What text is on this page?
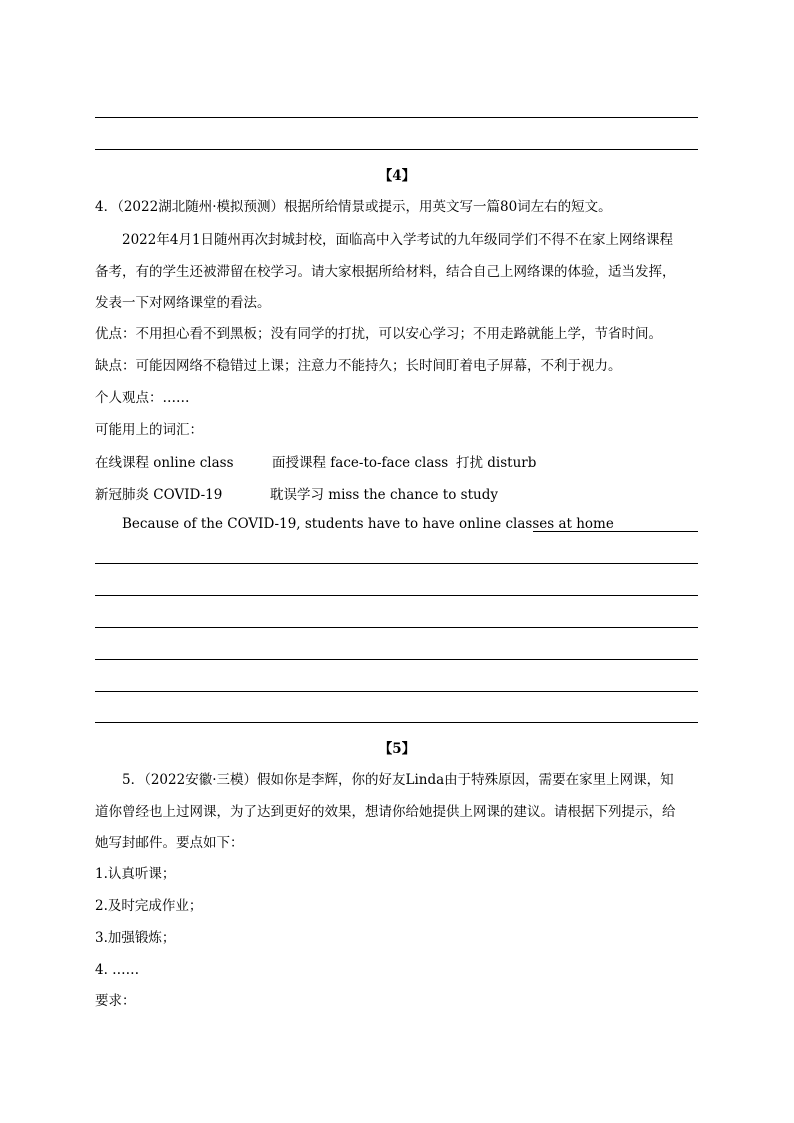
【4】
4．（2022湖北随州·模拟预测）根据所给情景或提示，用英文写一篇80词左右的短文。
2022年4月1日随州再次封城封校，面临高中入学考试的九年级同学们不得不在家上网络课程
备考，有的学生还被滞留在校学习。请大家根据所给材料，结合自己上网络课的体验，适当发挥，
发表一下对网络课堂的看法。
优点：不用担心看不到黑板；没有同学的打扰，可以安心学习；不用走路就能上学，节省时间。
缺点：可能因网络不稳错过上课；注意力不能持久；长时间盯着电子屏幕，不利于视力。
个人观点：……
可能用上的词汇：
在线课程 online class	面授课程 face-to-face class 打扰 disturb
新冠肺炎 COVID-19	耽误学习 miss the chance to study
Because of the COVID-19, students have to have online classes at home
【5】
5．（2022安徽·三模）假如你是李辉，你的好友Linda由于特殊原因，需要在家里上网课，知
道你曾经也上过网课，为了达到更好的效果，想请你给她提供上网课的建议。请根据下列提示，给
她写封邮件。要点如下：
1.认真听课；
2.及时完成作业；
3.加强锻炼；
4. ……
要求：
